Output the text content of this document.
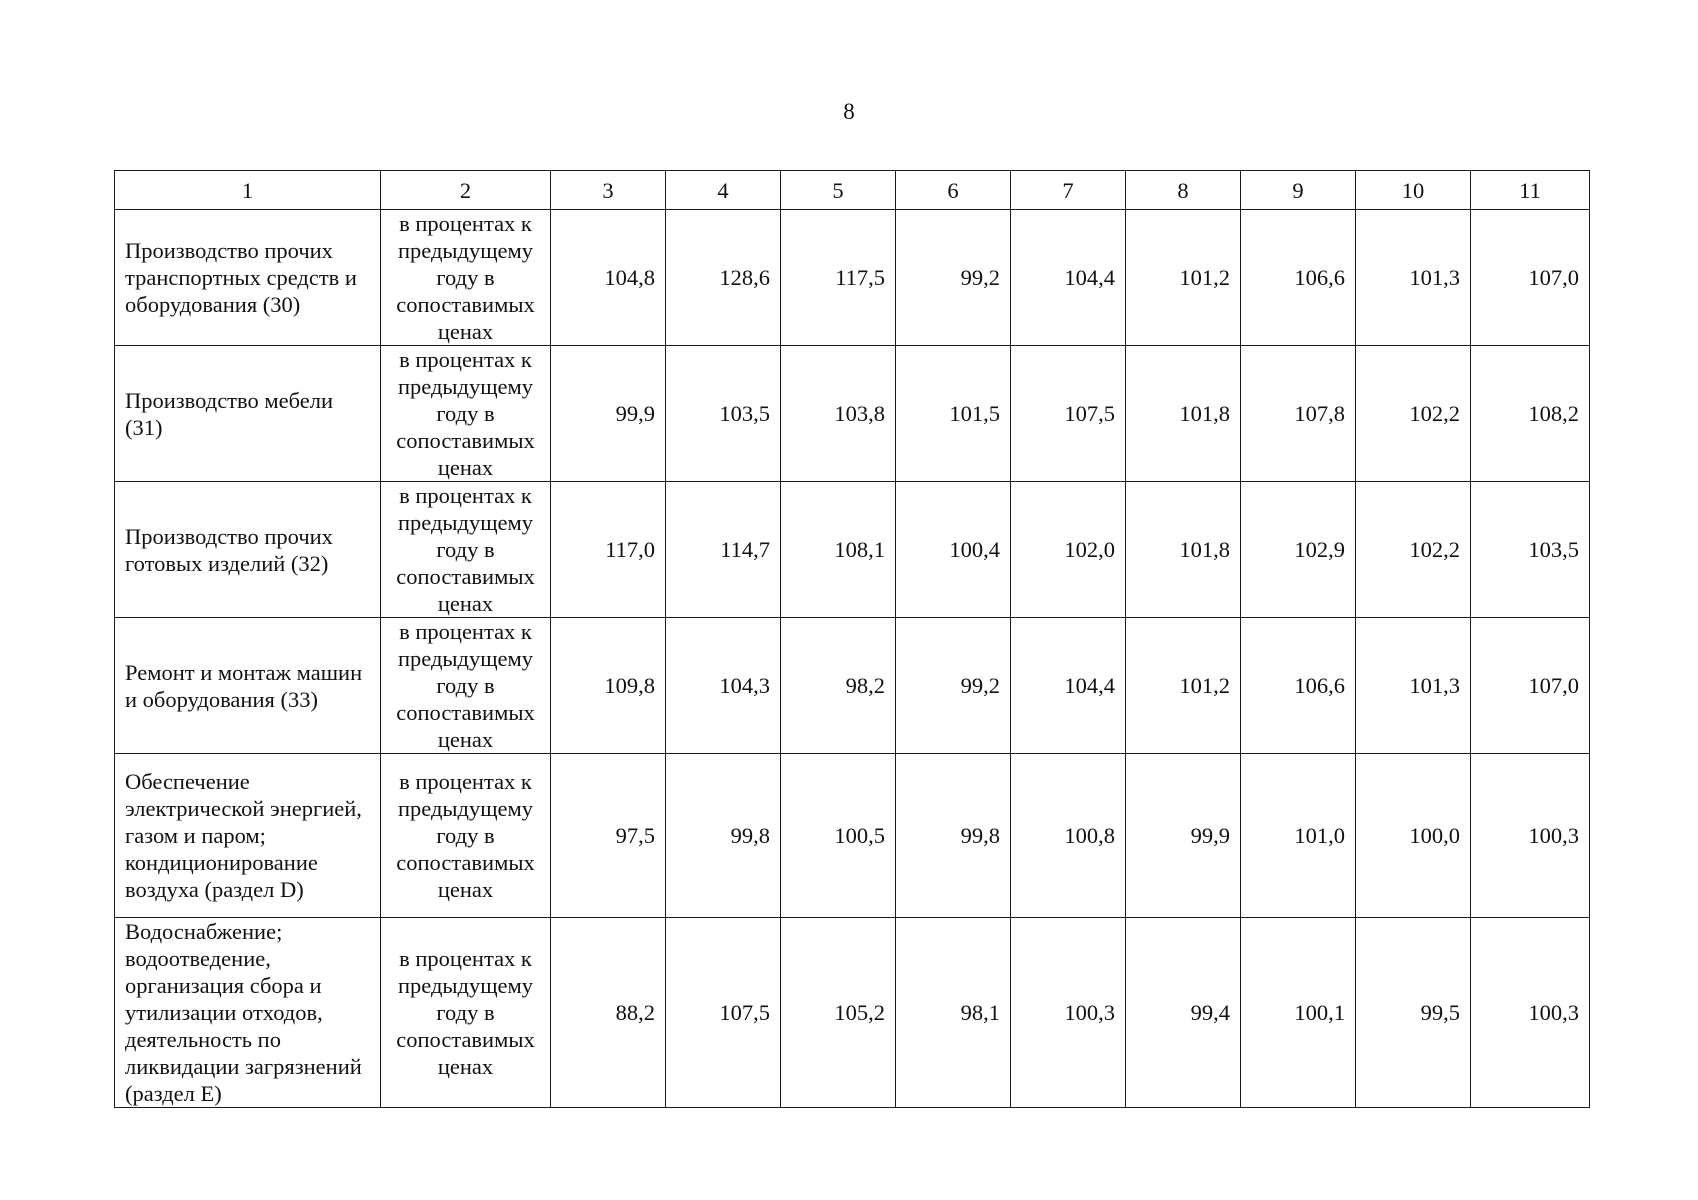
8
1	2	3	4	5	6	7	8	9	10	11
Производство прочих транспортных средств и оборудования (30)	в процентах к предыдущему году в сопоставимых ценах	104,8	128,6	117,5	99,2	104,4	101,2	106,6	101,3	107,0
Производство мебели (31)	в процентах к предыдущему году в сопоставимых ценах	99,9	103,5	103,8	101,5	107,5	101,8	107,8	102,2	108,2
Производство прочих готовых изделий (32)	в процентах к предыдущему году в сопоставимых ценах	117,0	114,7	108,1	100,4	102,0	101,8	102,9	102,2	103,5
Ремонт и монтаж машин и оборудования (33)	в процентах к предыдущему году в сопоставимых ценах	109,8	104,3	98,2	99,2	104,4	101,2	106,6	101,3	107,0
Обеспечение электрической энергией, газом и паром; кондиционирование воздуха (раздел D)	в процентах к предыдущему году в сопоставимых ценах	97,5	99,8	100,5	99,8	100,8	99,9	101,0	100,0	100,3
Водоснабжение; водоотведение, организация сбора и утилизации отходов, деятельность по ликвидации загрязнений (раздел E)	в процентах к предыдущему году в сопоставимых ценах	88,2	107,5	105,2	98,1	100,3	99,4	100,1	99,5	100,3
